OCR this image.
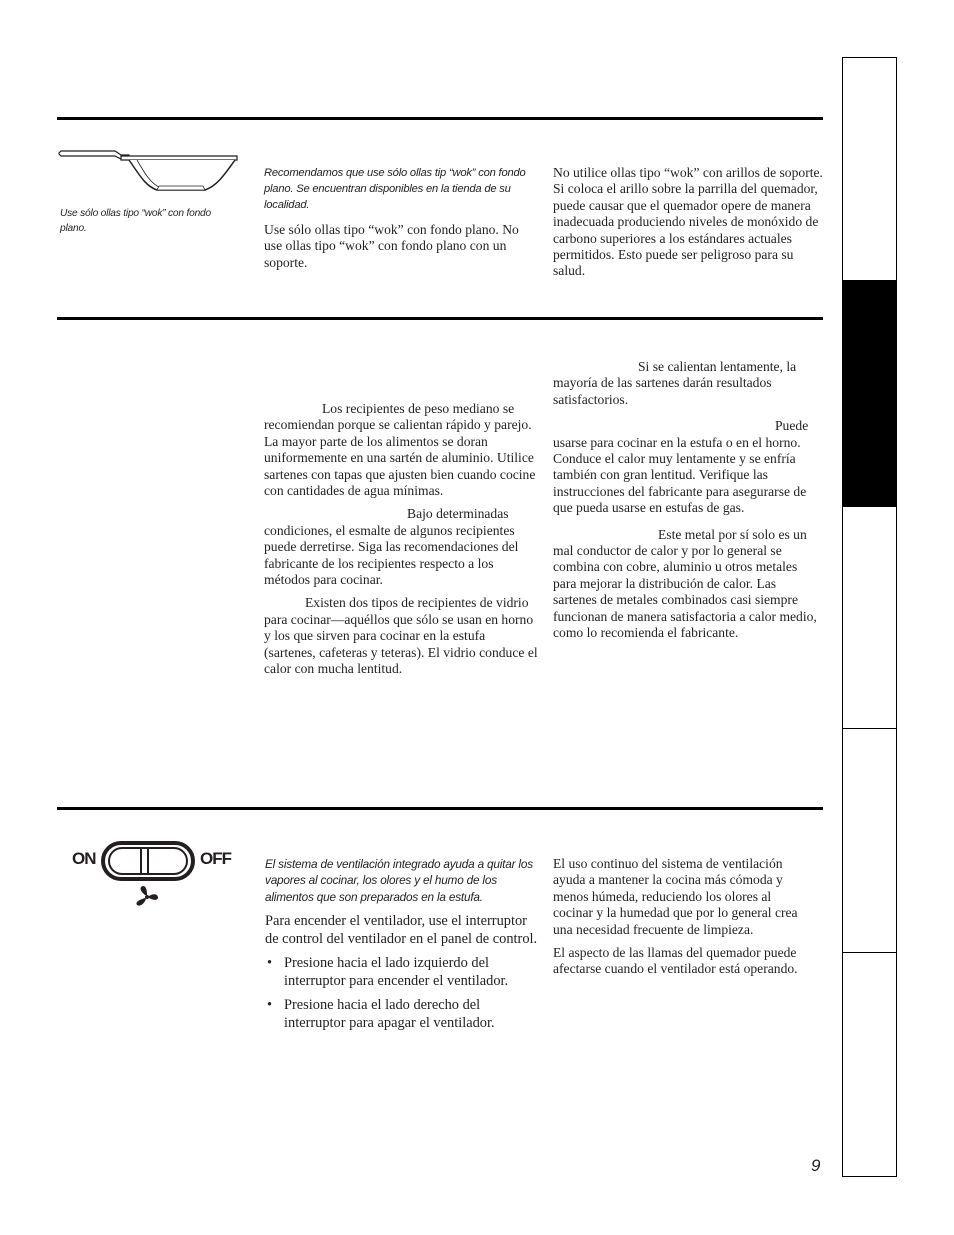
Use sólo ollas tipo “wok” con fondo plano.

Recomendamos que use sólo ollas tip “wok” con fondo plano. Se encuentran disponibles en la tienda de su localidad.

Use sólo ollas tipo “wok” con fondo plano. No use ollas tipo “wok” con fondo plano con un soporte.

No utilice ollas tipo “wok” con arillos de soporte. Si coloca el arillo sobre la parrilla del quemador, puede causar que el quemador opere de manera inadecuada produciendo niveles de monóxido de carbono superiores a los estándares actuales permitidos. Esto puede ser peligroso para su salud.

Los recipientes de peso mediano se recomiendan porque se calientan rápido y parejo. La mayor parte de los alimentos se doran uniformemente en una sartén de aluminio. Utilice sartenes con tapas que ajusten bien cuando cocine con cantidades de agua mínimas.

Bajo determinadas condiciones, el esmalte de algunos recipientes puede derretirse. Siga las recomendaciones del fabricante de los recipientes respecto a los métodos para cocinar.

Existen dos tipos de recipientes de vidrio para cocinar—aquéllos que sólo se usan en horno y los que sirven para cocinar en la estufa (sartenes, cafeteras y teteras). El vidrio conduce el calor con mucha lentitud.

Si se calientan lentamente, la mayoría de las sartenes darán resultados satisfactorios.

Puede usarse para cocinar en la estufa o en el horno. Conduce el calor muy lentamente y se enfría también con gran lentitud. Verifique las instrucciones del fabricante para asegurarse de que pueda usarse en estufas de gas.

Este metal por sí solo es un mal conductor de calor y por lo general se combina con cobre, aluminio u otros metales para mejorar la distribución de calor. Las sartenes de metales combinados casi siempre funcionan de manera satisfactoria a calor medio, como lo recomienda el fabricante.

ON	OFF	El sistema de ventilación integrado ayuda a quitar los vapores al cocinar, los olores y el humo de los alimentos que son preparados en la estufa.

Para encender el ventilador, use el interruptor de control del ventilador en el panel de control.

• Presione hacia el lado izquierdo del interruptor para encender el ventilador.
• Presione hacia el lado derecho del interruptor para apagar el ventilador.

El uso continuo del sistema de ventilación ayuda a mantener la cocina más cómoda y menos húmeda, reduciendo los olores al cocinar y la humedad que por lo general crea una necesidad frecuente de limpieza.

El aspecto de las llamas del quemador puede afectarse cuando el ventilador está operando.

9
